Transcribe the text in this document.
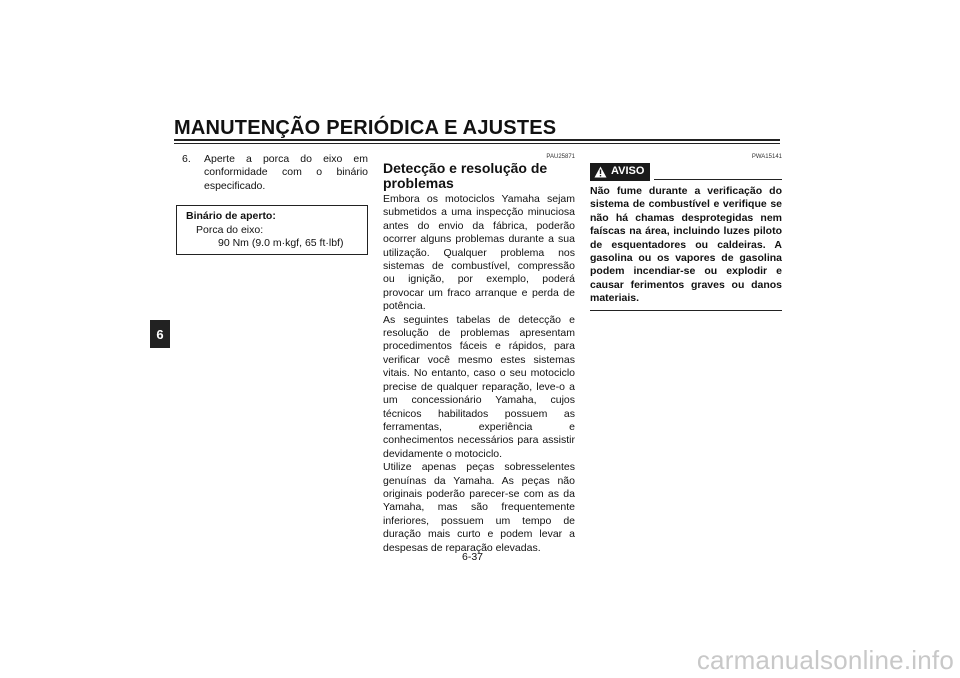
MANUTENÇÃO PERIÓDICA E AJUSTES
6
6.	Aperte a porca do eixo em conformidade com o binário especificado.
Binário de aperto:
Porca do eixo:
90 Nm (9.0 m·kgf, 65 ft·lbf)
PAU25871
Detecção e resolução de problemas

Embora os motociclos Yamaha sejam submetidos a uma inspecção minuciosa antes do envio da fábrica, poderão ocorrer alguns problemas durante a sua utilização. Qualquer problema nos sistemas de combustível, compressão ou ignição, por exemplo, poderá provocar um fraco arranque e perda de potência.

As seguintes tabelas de detecção e resolução de problemas apresentam procedimentos fáceis e rápidos, para verificar você mesmo estes sistemas vitais. No entanto, caso o seu motociclo precise de qualquer reparação, leve-o a um concessionário Yamaha, cujos técnicos habilitados possuem as ferramentas, experiência e conhecimentos necessários para assistir devidamente o motociclo.

Utilize apenas peças sobresselentes genuínas da Yamaha. As peças não originais poderão parecer-se com as da Yamaha, mas são frequentemente inferiores, possuem um tempo de duração mais curto e podem levar a despesas de reparação elevadas.

PWA15141
AVISO
Não fume durante a verificação do sistema de combustível e verifique se não há chamas desprotegidas nem faíscas na área, incluindo luzes piloto de esquentadores ou caldeiras. A gasolina ou os vapores de gasolina podem incendiar-se ou explodir e causar ferimentos graves ou danos materiais.
6-37
carmanualsonline.info
